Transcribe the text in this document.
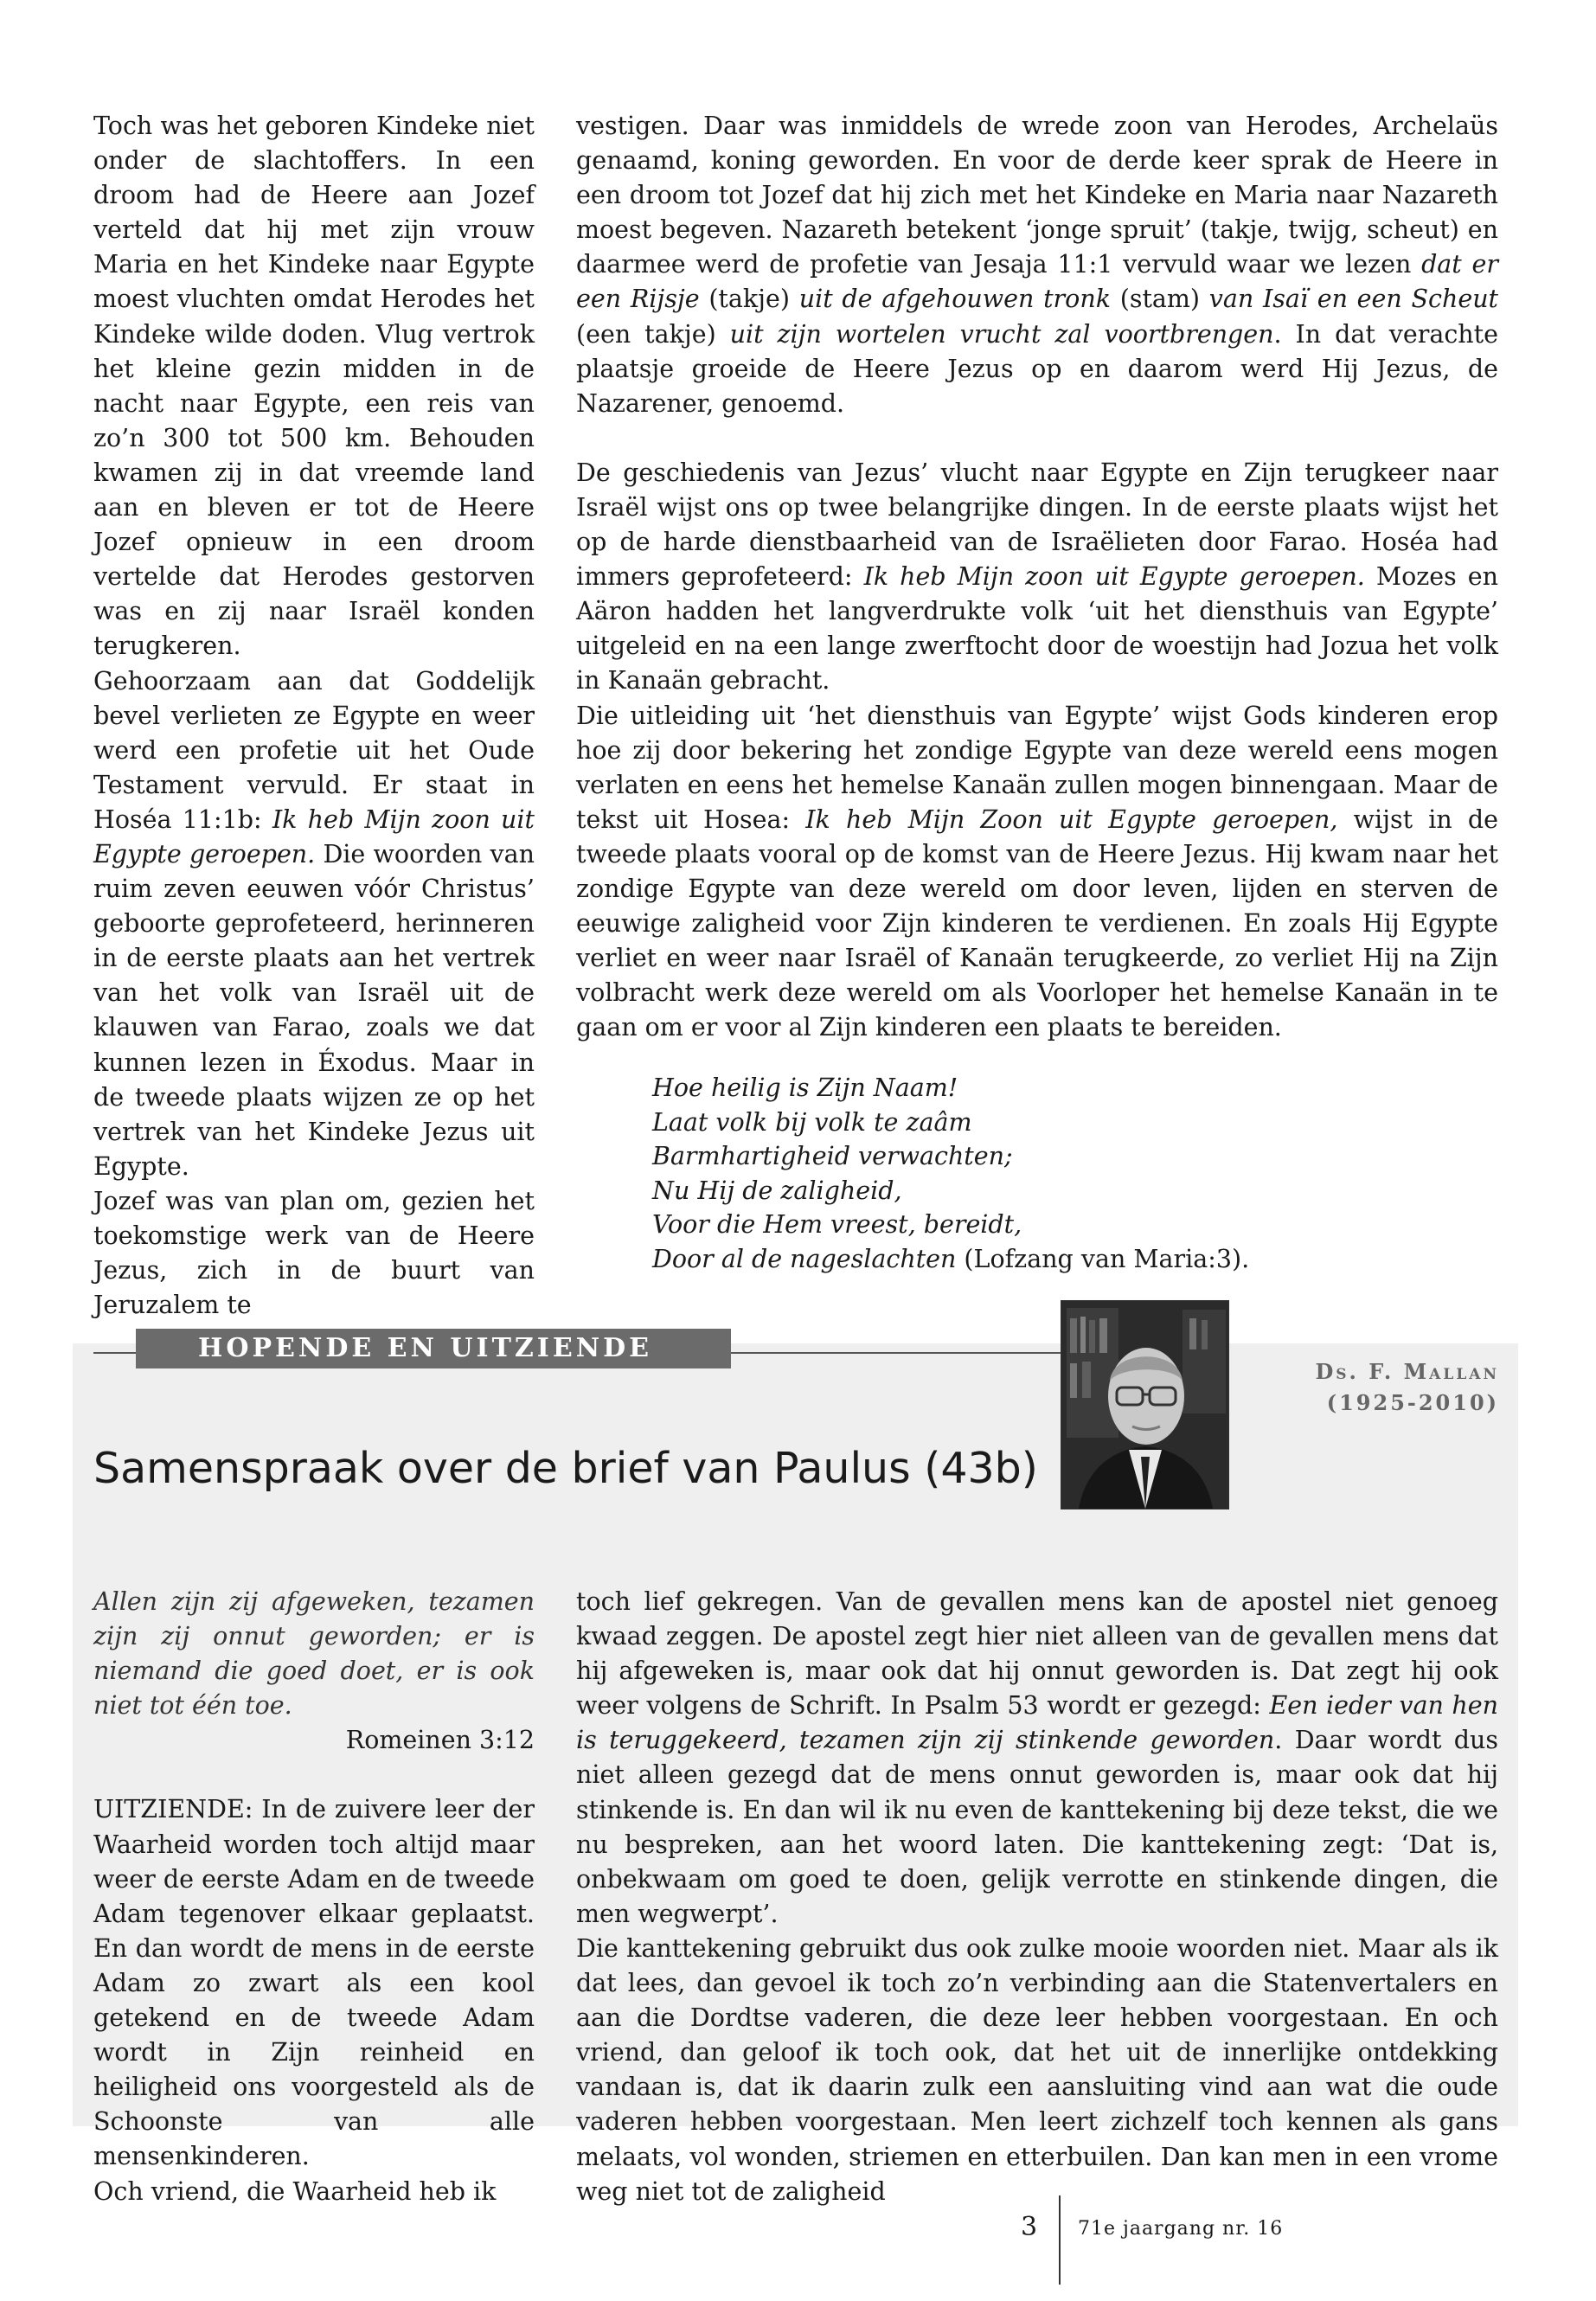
Toch was het geboren Kindeke niet onder de slachtoffers. In een droom had de Heere aan Jozef verteld dat hij met zijn vrouw Maria en het Kindeke naar Egypte moest vluchten omdat Herodes het Kindeke wilde doden. Vlug vertrok het kleine gezin midden in de nacht naar Egypte, een reis van zo’n 300 tot 500 km. Behouden kwamen zij in dat vreemde land aan en bleven er tot de Heere Jozef opnieuw in een droom vertelde dat Herodes gestorven was en zij naar Israël konden terugkeren.

Gehoorzaam aan dat Goddelijk bevel verlieten ze Egypte en weer werd een profetie uit het Oude Testament vervuld. Er staat in Hoséa 11:1b: Ik heb Mijn zoon uit Egypte geroepen. Die woorden van ruim zeven eeuwen vóór Christus’ geboorte geprofeteerd, herinneren in de eerste plaats aan het vertrek van het volk van Israël uit de klauwen van Farao, zoals we dat kunnen lezen in Éxodus. Maar in de tweede plaats wijzen ze op het vertrek van het Kindeke Jezus uit Egypte.

Jozef was van plan om, gezien het toekomstige werk van de Heere Jezus, zich in de buurt van Jeruzalem te

vestigen. Daar was inmiddels de wrede zoon van Herodes, Archelaüs genaamd, koning geworden. En voor de derde keer sprak de Heere in een droom tot Jozef dat hij zich met het Kindeke en Maria naar Nazareth moest begeven. Nazareth betekent ‘jonge spruit’ (takje, twijg, scheut) en daarmee werd de profetie van Jesaja 11:1 vervuld waar we lezen dat er een Rijsje (takje) uit de afgehouwen tronk (stam) van Isaï en een Scheut (een takje) uit zijn wortelen vrucht zal voortbrengen. In dat verachte plaatsje groeide de Heere Jezus op en daarom werd Hij Jezus, de Nazarener, genoemd.

De geschiedenis van Jezus’ vlucht naar Egypte en Zijn terugkeer naar Israël wijst ons op twee belangrijke dingen. In de eerste plaats wijst het op de harde dienstbaarheid van de Israëlieten door Farao. Hoséa had immers geprofeteerd: Ik heb Mijn zoon uit Egypte geroepen. Mozes en Aäron hadden het langverdrukte volk ‘uit het diensthuis van Egypte’ uitgeleid en na een lange zwerftocht door de woestijn had Jozua het volk in Kanaän gebracht.

Die uitleiding uit ‘het diensthuis van Egypte’ wijst Gods kinderen erop hoe zij door bekering het zondige Egypte van deze wereld eens mogen verlaten en eens het hemelse Kanaän zullen mogen binnengaan. Maar de tekst uit Hosea: Ik heb Mijn Zoon uit Egypte geroepen, wijst in de tweede plaats vooral op de komst van de Heere Jezus. Hij kwam naar het zondige Egypte van deze wereld om door leven, lijden en sterven de eeuwige zaligheid voor Zijn kinderen te verdienen. En zoals Hij Egypte verliet en weer naar Israël of Kanaän terugkeerde, zo verliet Hij na Zijn volbracht werk deze wereld om als Voorloper het hemelse Kanaän in te gaan om er voor al Zijn kinderen een plaats te bereiden.

Hoe heilig is Zijn Naam!
Laat volk bij volk te zaâm
Barmhartigheid verwachten;
Nu Hij de zaligheid,
Voor die Hem vreest, bereidt,
Door al de nageslachten (Lofzang van Maria:3).
HOPENDE EN UITZIENDE
Ds. F. Mallan
(1925-2010)
Samenspraak over de brief van Paulus (43b)

Allen zijn zij afgeweken, tezamen zijn zij onnut geworden; er is niemand die goed doet, er is ook niet tot één toe.

Romeinen 3:12

UITZIENDE: In de zuivere leer der Waarheid worden toch altijd maar weer de eerste Adam en de tweede Adam tegenover elkaar geplaatst. En dan wordt de mens in de eerste Adam zo zwart als een kool getekend en de tweede Adam wordt in Zijn reinheid en heiligheid ons voorgesteld als de Schoonste van alle mensenkinderen.

Och vriend, die Waarheid heb ik

toch lief gekregen. Van de gevallen mens kan de apostel niet genoeg kwaad zeggen. De apostel zegt hier niet alleen van de gevallen mens dat hij afgeweken is, maar ook dat hij onnut geworden is. Dat zegt hij ook weer volgens de Schrift. In Psalm 53 wordt er gezegd: Een ieder van hen is teruggekeerd, tezamen zijn zij stinkende geworden. Daar wordt dus niet alleen gezegd dat de mens onnut geworden is, maar ook dat hij stinkende is. En dan wil ik nu even de kanttekening bij deze tekst, die we nu bespreken, aan het woord laten. Die kanttekening zegt: ‘Dat is, onbekwaam om goed te doen, gelijk verrotte en stinkende dingen, die men wegwerpt’.

Die kanttekening gebruikt dus ook zulke mooie woorden niet. Maar als ik dat lees, dan gevoel ik toch zo’n verbinding aan die Statenvertalers en aan die Dordtse vaderen, die deze leer hebben voorgestaan. En och vriend, dan geloof ik toch ook, dat het uit de innerlijke ontdekking vandaan is, dat ik daarin zulk een aansluiting vind aan wat die oude vaderen hebben voorgestaan. Men leert zichzelf toch kennen als gans melaats, vol wonden, striemen en etterbuilen. Dan kan men in een vrome weg niet tot de zaligheid

3 71e jaargang nr. 16
